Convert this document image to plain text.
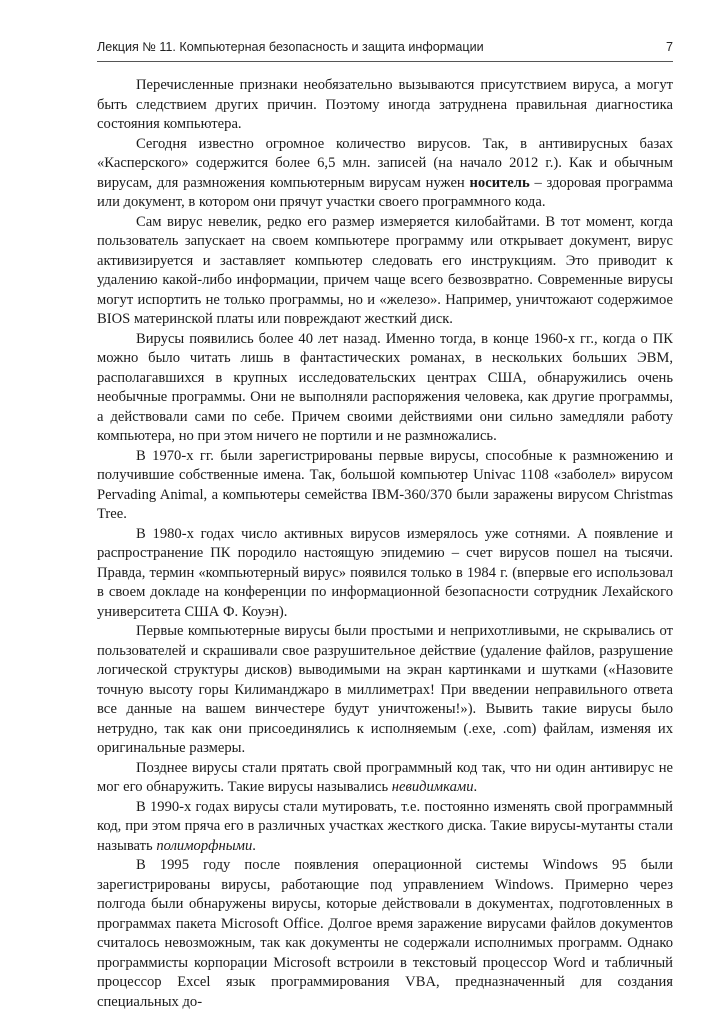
Лекция № 11. Компьютерная безопасность и защита информации	7

Перечисленные признаки необязательно вызываются присутствием вируса, а могут быть следствием других причин. Поэтому иногда затруднена правильная диагностика состояния компьютера.

Сегодня известно огромное количество вирусов. Так, в антивирусных базах «Касперского» содержится более 6,5 млн. записей (на начало 2012 г.). Как и обычным вирусам, для размножения компьютерным вирусам нужен носитель – здоровая программа или документ, в котором они прячут участки своего программного кода.

Сам вирус невелик, редко его размер измеряется килобайтами. В тот момент, когда пользователь запускает на своем компьютере программу или открывает документ, вирус активизируется и заставляет компьютер следовать его инструкциям. Это приводит к удалению какой-либо информации, причем чаще всего безвозвратно. Современные вирусы могут испортить не только программы, но и «железо». Например, уничтожают содержимое BIOS материнской платы или повреждают жесткий диск.

Вирусы появились более 40 лет назад. Именно тогда, в конце 1960-х гг., когда о ПК можно было читать лишь в фантастических романах, в нескольких больших ЭВМ, располагавшихся в крупных исследовательских центрах США, обнаружились очень необычные программы. Они не выполняли распоряжения человека, как другие программы, а действовали сами по себе. Причем своими действиями они сильно замедляли работу компьютера, но при этом ничего не портили и не размножались.

В 1970-х гг. были зарегистрированы первые вирусы, способные к размножению и получившие собственные имена. Так, большой компьютер Univac 1108 «заболел» вирусом Pervading Animal, а компьютеры семейства IBM-360/370 были заражены вирусом Christmas Tree.

В 1980-х годах число активных вирусов измерялось уже сотнями. А появление и распространение ПК породило настоящую эпидемию – счет вирусов пошел на тысячи. Правда, термин «компьютерный вирус» появился только в 1984 г. (впервые его использовал в своем докладе на конференции по информационной безопасности сотрудник Лехайского университета США Ф. Коуэн).

Первые компьютерные вирусы были простыми и неприхотливыми, не скрывались от пользователей и скрашивали свое разрушительное действие (удаление файлов, разрушение логической структуры дисков) выводимыми на экран картинками и шутками («Назовите точную высоту горы Килиманджаро в миллиметрах! При введении неправильного ответа все данные на вашем винчестере будут уничтожены!»). Вывить такие вирусы было нетрудно, так как они присоединялись к исполняемым (.exe, .com) файлам, изменяя их оригинальные размеры.

Позднее вирусы стали прятать свой программный код так, что ни один антивирус не мог его обнаружить. Такие вирусы назывались невидимками.

В 1990-х годах вирусы стали мутировать, т.е. постоянно изменять свой программный код, при этом пряча его в различных участках жесткого диска. Такие вирусы-мутанты стали называть полиморфными.

В 1995 году после появления операционной системы Windows 95 были зарегистрированы вирусы, работающие под управлением Windows. Примерно через полгода были обнаружены вирусы, которые действовали в документах, подготовленных в программах пакета Microsoft Office. Долгое время заражение вирусами файлов документов считалось невозможным, так как документы не содержали исполнимых программ. Однако программисты корпорации Microsoft встроили в текстовый процессор Word и табличный процессор Excel язык программирования VBA, предназначенный для создания специальных до-
